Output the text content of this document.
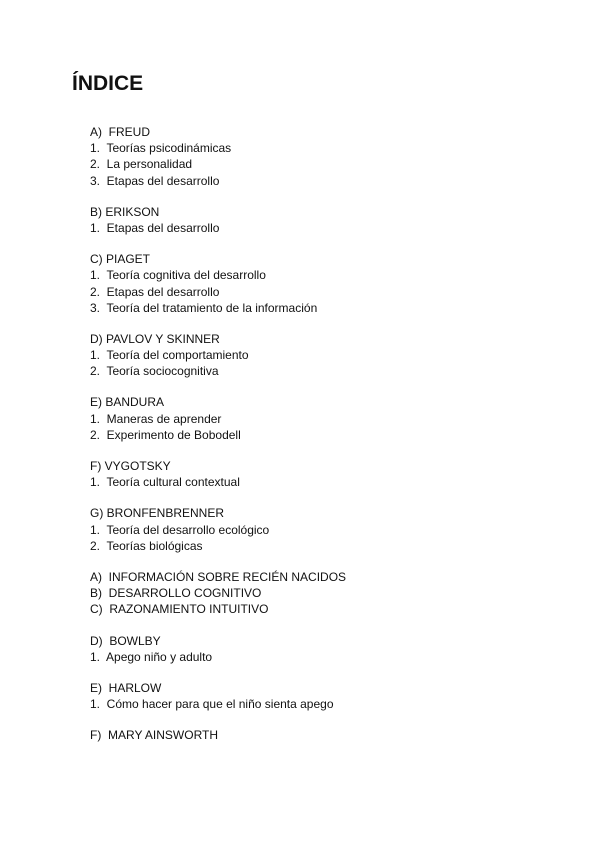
ÍNDICE
A)  FREUD
1.  Teorías psicodinámicas
2.  La personalidad
3.  Etapas del desarrollo
B) ERIKSON
1.  Etapas del desarrollo
C) PIAGET
1.  Teoría cognitiva del desarrollo
2.  Etapas del desarrollo
3.  Teoría del tratamiento de la información
D) PAVLOV Y SKINNER
1.  Teoría del comportamiento
2.  Teoría sociocognitiva
E) BANDURA
1.  Maneras de aprender
2.  Experimento de Bobodell
F) VYGOTSKY
1.  Teoría cultural contextual
G) BRONFENBRENNER
1.  Teoría del desarrollo ecológico
2.  Teorías biológicas
A)  INFORMACIÓN SOBRE RECIÉN NACIDOS
B)  DESARROLLO COGNITIVO
C)  RAZONAMIENTO INTUITIVO
D)  BOWLBY
1.  Apego niño y adulto
E)  HARLOW
1.  Cómo hacer para que el niño sienta apego
F)  MARY AINSWORTH
